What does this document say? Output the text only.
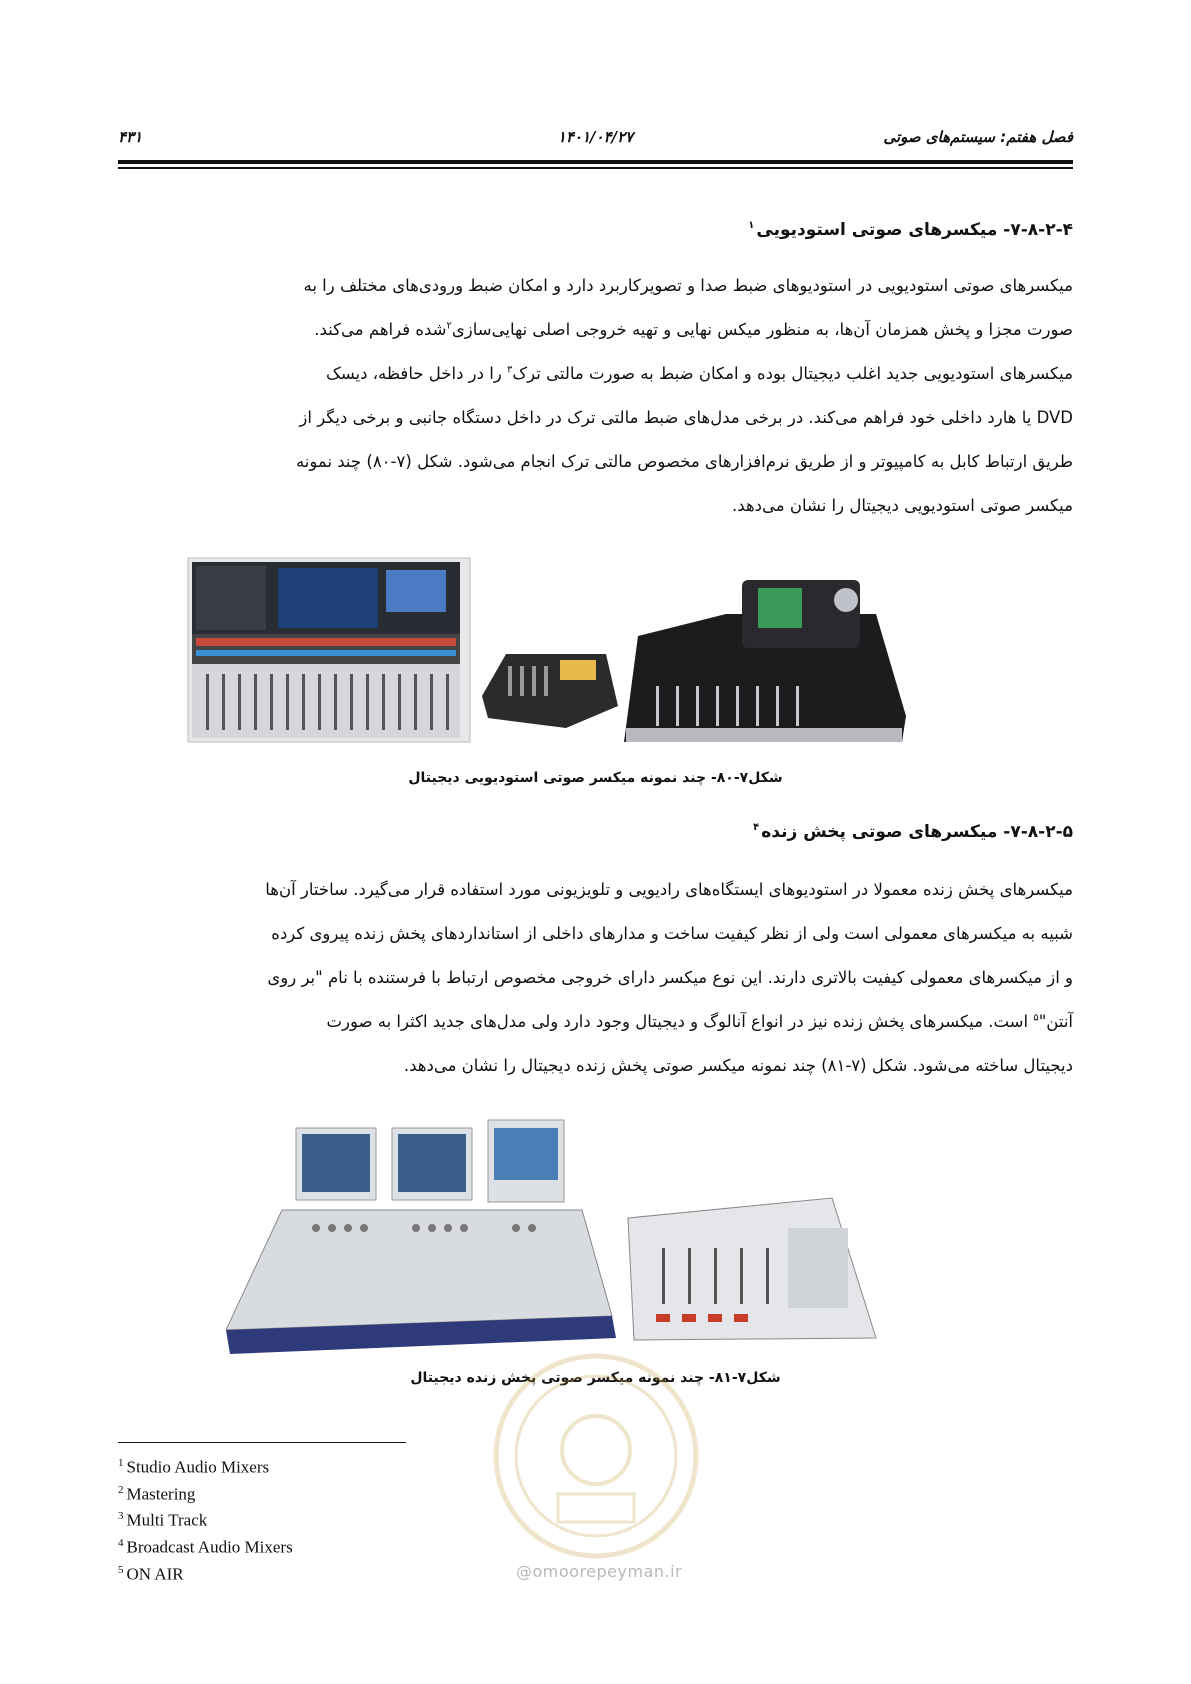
فصل هفتم: سیستم‌های صوتی
۱۴۰۱/۰۴/۲۷
۴۳۱
۷-۸-۲-۴- میکسرهای صوتی استودیویی$^۱$
میکسرهای صوتی استودیویی در استودیوهای ضبط صدا و تصویرکاربرد دارد و امکان ضبط ورودی‌های مختلف را به
صورت مجزا و پخش همزمان آن‌ها، به منظور میکس نهایی و تهیه خروجی اصلی نهایی‌سازی$^۲$شده فراهم می‌کند.
میکسرهای استودیویی جدید اغلب دیجیتال بوده و امکان ضبط به صورت مالتی ترک$^۳$ را در داخل حافظه، دیسک
DVD یا هارد داخلی خود فراهم می‌کند. در برخی مدل‌های ضبط مالتی ترک در داخل دستگاه جانبی و برخی دیگر از
طریق ارتباط کابل به کامپیوتر و از طریق نرم‌افزارهای مخصوص مالتی ترک انجام می‌شود. شکل (۷-۸۰) چند نمونه
میکسر صوتی استودیویی دیجیتال را نشان می‌دهد.
شکل۷-۸۰- چند نمونه میکسر صوتی استودیویی دیجیتال
۷-۸-۲-۵- میکسرهای صوتی پخش زنده$^۴$
میکسرهای پخش زنده معمولا در استودیوهای ایستگاه‌های رادیویی و تلویزیونی مورد استفاده قرار می‌گیرد. ساختار آن‌ها
شبیه به میکسرهای معمولی است ولی از نظر کیفیت ساخت و مدارهای داخلی از استانداردهای پخش زنده پیروی کرده
و از میکسرهای معمولی کیفیت بالاتری دارند. این نوع میکسر دارای خروجی مخصوص ارتباط با فرستنده با نام "بر روی
آنتن"$^۵$ است. میکسرهای پخش زنده نیز در انواع آنالوگ و دیجیتال وجود دارد ولی مدل‌های جدید اکثرا به صورت
دیجیتال ساخته می‌شود. شکل (۷-۸۱) چند نمونه میکسر صوتی پخش زنده دیجیتال را نشان می‌دهد.
شکل۷-۸۱- چند نمونه میکسر صوتی پخش زنده دیجیتال
@omoorepeyman.ir
$^1$ Studio Audio Mixers
$^2$ Mastering
$^3$ Multi Track
$^4$ Broadcast Audio Mixers
$^5$ ON AIR
